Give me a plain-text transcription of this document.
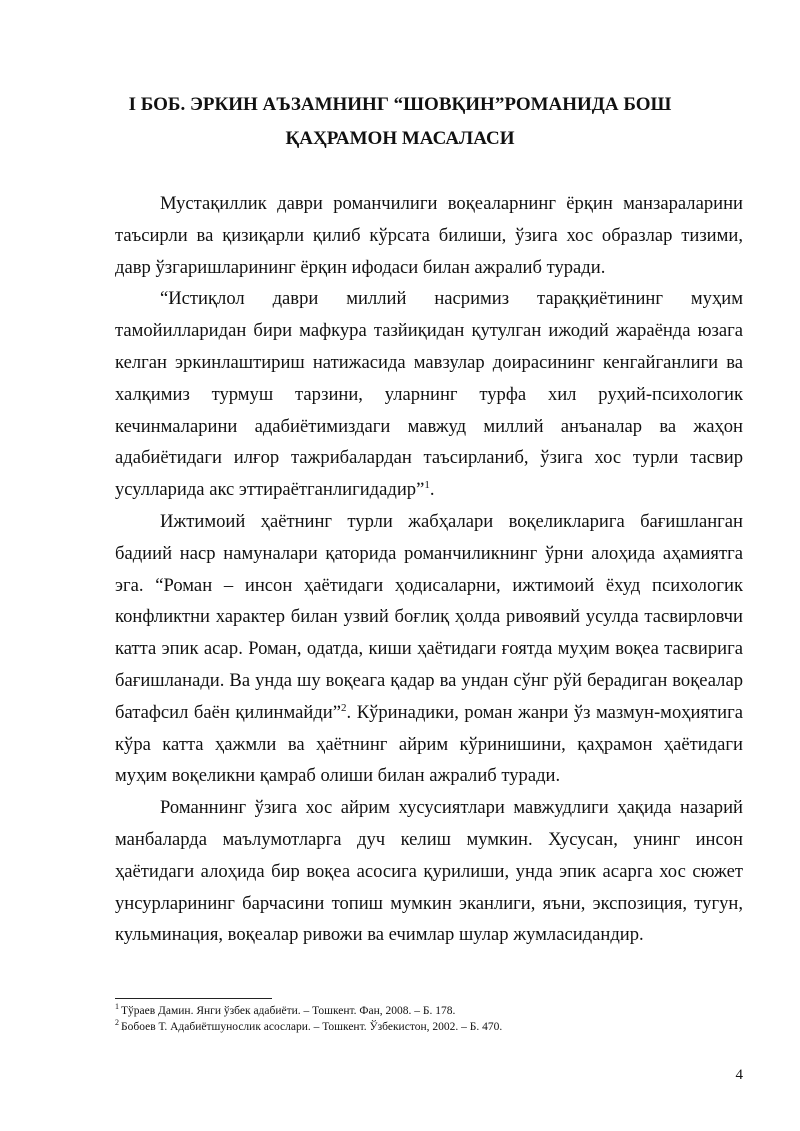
I БОБ. ЭРКИН АЪЗАМНИНГ “ШОВҚИН”РОМАНИДА БОШ
ҚАҲРАМОН МАСАЛАСИ

Мустақиллик даври романчилиги воқеаларнинг ёрқин манзараларини таъсирли ва қизиқарли қилиб кўрсата билиши, ўзига хос образлар тизими, давр ўзгаришларининг ёрқин ифодаси билан ажралиб туради.

“Истиқлол даври миллий насримиз тараққиётининг муҳим тамойилларидан бири мафкура тазйиқидан қутулган ижодий жараёнда юзага келган эркинлаштириш натижасида мавзулар доирасининг кенгайганлиги ва халқимиз турмуш тарзини, уларнинг турфа хил руҳий-психологик кечинмаларини адабиётимиздаги мавжуд миллий анъаналар ва жаҳон адабиётидаги илғор тажрибалардан таъсирланиб, ўзига хос турли тасвир усулларида акс эттираётганлигидадир”$^1$.

Ижтимоий ҳаётнинг турли жабҳалари воқеликларига бағишланган бадиий наср намуналари қаторида романчиликнинг ўрни алоҳида аҳамиятга эга. “Роман – инсон ҳаётидаги ҳодисаларни, ижтимоий ёхуд психологик конфликтни характер билан узвий боғлиқ ҳолда ривоявий усулда тасвирловчи катта эпик асар. Роман, одатда, киши ҳаётидаги ғоятда муҳим воқеа тасвирига бағишланади. Ва унда шу воқеага қадар ва ундан сўнг рўй берадиган воқеалар батафсил баён қилинмайди”$^2$. Кўринадики, роман жанри ўз мазмун-моҳиятига кўра катта ҳажмли ва ҳаётнинг айрим кўринишини, қаҳрамон ҳаётидаги муҳим воқеликни қамраб олиши билан ажралиб туради.

Романнинг ўзига хос айрим хусусиятлари мавжудлиги ҳақида назарий манбаларда маълумотларга дуч келиш мумкин. Хусусан, унинг инсон ҳаётидаги алоҳида бир воқеа асосига қурилиши, унда эпик асарга хос сюжет унсурларининг барчасини топиш мумкин эканлиги, яъни, экспозиция, тугун, кульминация, воқеалар ривожи ва ечимлар шулар жумласидандир.

$^1$ Тўраев Дамин. Янги ўзбек адабиёти. – Тошкент. Фан, 2008. – Б. 178.
$^2$ Бобоев Т. Адабиётшунослик асослари. – Тошкент. Ўзбекистон, 2002. – Б. 470.
4
